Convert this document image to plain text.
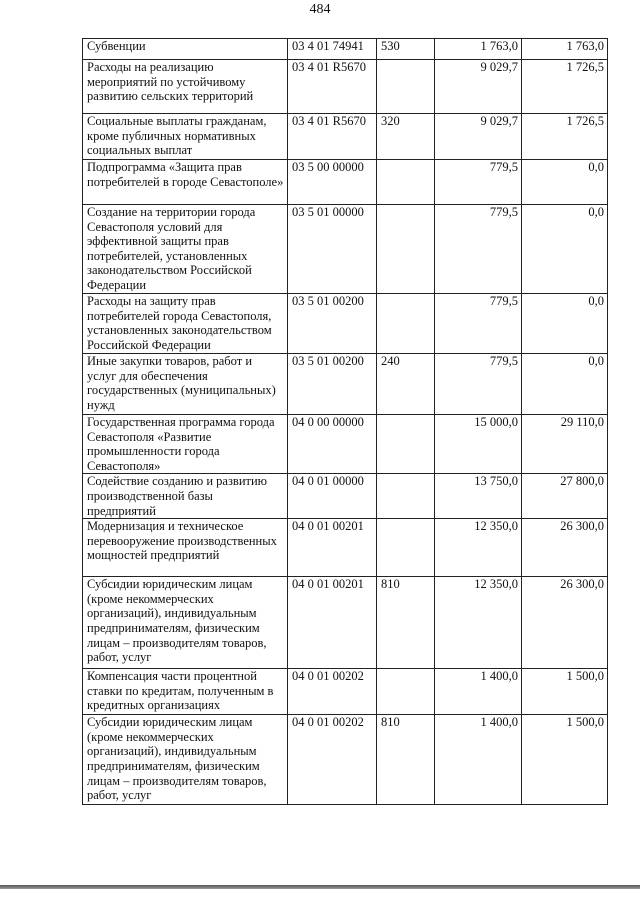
484
Субвенции	03 4 01 74941	530	1 763,0	1 763,0
Расходы на реализацию мероприятий по устойчивому развитию сельских территорий	03 4 01 R5670		9 029,7	1 726,5
Социальные выплаты гражданам, кроме публичных нормативных социальных выплат	03 4 01 R5670	320	9 029,7	1 726,5
Подпрограмма «Защита прав потребителей в городе Севастополе»	03 5 00 00000		779,5	0,0
Создание на территории города Севастополя условий для эффективной защиты прав потребителей, установленных законодательством Российской Федерации	03 5 01 00000		779,5	0,0
Расходы на защиту прав потребителей города Севастополя, установленных законодательством Российской Федерации	03 5 01 00200		779,5	0,0
Иные закупки товаров, работ и услуг для обеспечения государственных (муниципальных) нужд	03 5 01 00200	240	779,5	0,0
Государственная программа города Севастополя «Развитие промышленности города Севастополя»	04 0 00 00000		15 000,0	29 110,0
Содействие созданию и развитию производственной базы предприятий	04 0 01 00000		13 750,0	27 800,0
Модернизация и техническое перевооружение производственных мощностей предприятий	04 0 01 00201		12 350,0	26 300,0
Субсидии юридическим лицам (кроме некоммерческих организаций), индивидуальным предпринимателям, физическим лицам – производителям товаров, работ, услуг	04 0 01 00201	810	12 350,0	26 300,0
Компенсация части процентной ставки по кредитам, полученным в кредитных организациях	04 0 01 00202		1 400,0	1 500,0
Субсидии юридическим лицам (кроме некоммерческих организаций), индивидуальным предпринимателям, физическим лицам – производителям товаров, работ, услуг	04 0 01 00202	810	1 400,0	1 500,0
